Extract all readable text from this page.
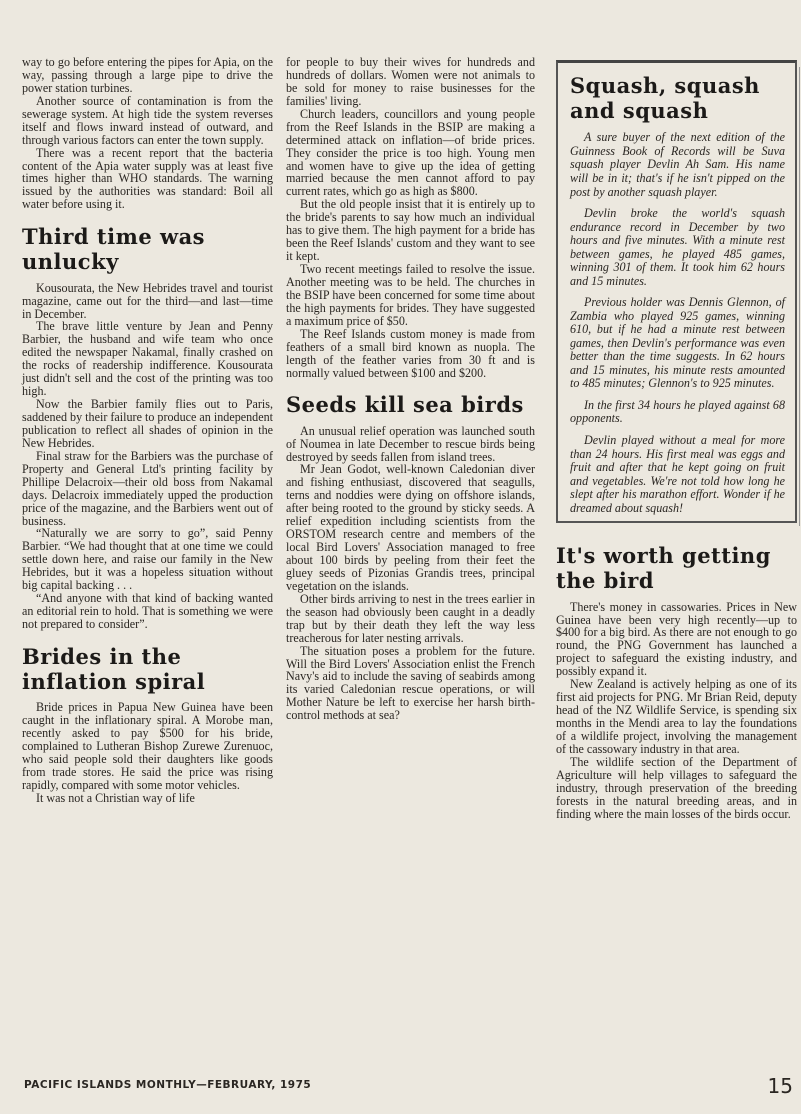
way to go before entering the pipes for Apia, on the way, passing through a large pipe to drive the power station turbines.

Another source of contamination is from the sewerage system. At high tide the system reverses itself and flows inward instead of outward, and through various factors can enter the town supply.

There was a recent report that the bacteria content of the Apia water supply was at least five times higher than WHO standards. The warning issued by the authorities was standard: Boil all water before using it.

Third time was unlucky

Kousourata, the New Hebrides travel and tourist magazine, came out for the third—and last—time in December.

The brave little venture by Jean and Penny Barbier, the husband and wife team who once edited the newspaper Nakamal, finally crashed on the rocks of readership indifference. Kousourata just didn't sell and the cost of the printing was too high.

Now the Barbier family flies out to Paris, saddened by their failure to produce an independent publication to reflect all shades of opinion in the New Hebrides.

Final straw for the Barbiers was the purchase of Property and General Ltd's printing facility by Phillipe Delacroix—their old boss from Nakamal days. Delacroix immediately upped the production price of the magazine, and the Barbiers went out of business.

“Naturally we are sorry to go”, said Penny Barbier. “We had thought that at one time we could settle down here, and raise our family in the New Hebrides, but it was a hopeless situation without big capital backing . . .

“And anyone with that kind of backing wanted an editorial rein to hold. That is something we were not prepared to consider”.

Brides in the inflation spiral

Bride prices in Papua New Guinea have been caught in the inflationary spiral. A Morobe man, recently asked to pay $500 for his bride, complained to Lutheran Bishop Zurewe Zurenuoc, who said people sold their daughters like goods from trade stores. He said the price was rising rapidly, compared with some motor vehicles.

It was not a Christian way of life

for people to buy their wives for hundreds and hundreds of dollars. Women were not animals to be sold for money to raise businesses for the families' living.

Church leaders, councillors and young people from the Reef Islands in the BSIP are making a determined attack on inflation—of bride prices. They consider the price is too high. Young men and women have to give up the idea of getting married because the men cannot afford to pay current rates, which go as high as $800.

But the old people insist that it is entirely up to the bride's parents to say how much an individual has to give them. The high payment for a bride has been the Reef Islands' custom and they want to see it kept.

Two recent meetings failed to resolve the issue. Another meeting was to be held. The churches in the BSIP have been concerned for some time about the high payments for brides. They have suggested a maximum price of $50.

The Reef Islands custom money is made from feathers of a small bird known as nuopla. The length of the feather varies from 30 ft and is normally valued between $100 and $200.

Seeds kill sea birds

An unusual relief operation was launched south of Noumea in late December to rescue birds being destroyed by seeds fallen from island trees.

Mr Jean Godot, well-known Caledonian diver and fishing enthusiast, discovered that seagulls, terns and noddies were dying on offshore islands, after being rooted to the ground by sticky seeds. A relief expedition including scientists from the ORSTOM research centre and members of the local Bird Lovers' Association managed to free about 100 birds by peeling from their feet the gluey seeds of Pizonias Grandis trees, principal vegetation on the islands.

Other birds arriving to nest in the trees earlier in the season had obviously been caught in a deadly trap but by their death they left the way less treacherous for later nesting arrivals.

The situation poses a problem for the future. Will the Bird Lovers' Association enlist the French Navy's aid to include the saving of seabirds among its varied Caledonian rescue operations, or will Mother Nature be left to exercise her harsh birth-control methods at sea?

Squash, squash and squash

A sure buyer of the next edition of the Guinness Book of Records will be Suva squash player Devlin Ah Sam. His name will be in it; that's if he isn't pipped on the post by another squash player.

Devlin broke the world's squash endurance record in December by two hours and five minutes. With a minute rest between games, he played 485 games, winning 301 of them. It took him 62 hours and 15 minutes.

Previous holder was Dennis Glennon, of Zambia who played 925 games, winning 610, but if he had a minute rest between games, then Devlin's performance was even better than the time suggests. In 62 hours and 15 minutes, his minute rests amounted to 485 minutes; Glennon's to 925 minutes.

In the first 34 hours he played against 68 opponents.

Devlin played without a meal for more than 24 hours. His first meal was eggs and fruit and after that he kept going on fruit and vegetables. We're not told how long he slept after his marathon effort. Wonder if he dreamed about squash!

It's worth getting the bird

There's money in cassowaries. Prices in New Guinea have been very high recently—up to $400 for a big bird. As there are not enough to go round, the PNG Government has launched a project to safeguard the existing industry, and possibly expand it.

New Zealand is actively helping as one of its first aid projects for PNG. Mr Brian Reid, deputy head of the NZ Wildlife Service, is spending six months in the Mendi area to lay the foundations of a wildlife project, involving the management of the cassowary industry in that area.

The wildlife section of the Department of Agriculture will help villages to safeguard the industry, through preservation of the breeding forests in the natural breeding areas, and in finding where the main losses of the birds occur.

PACIFIC ISLANDS MONTHLY—FEBRUARY, 1975	15
